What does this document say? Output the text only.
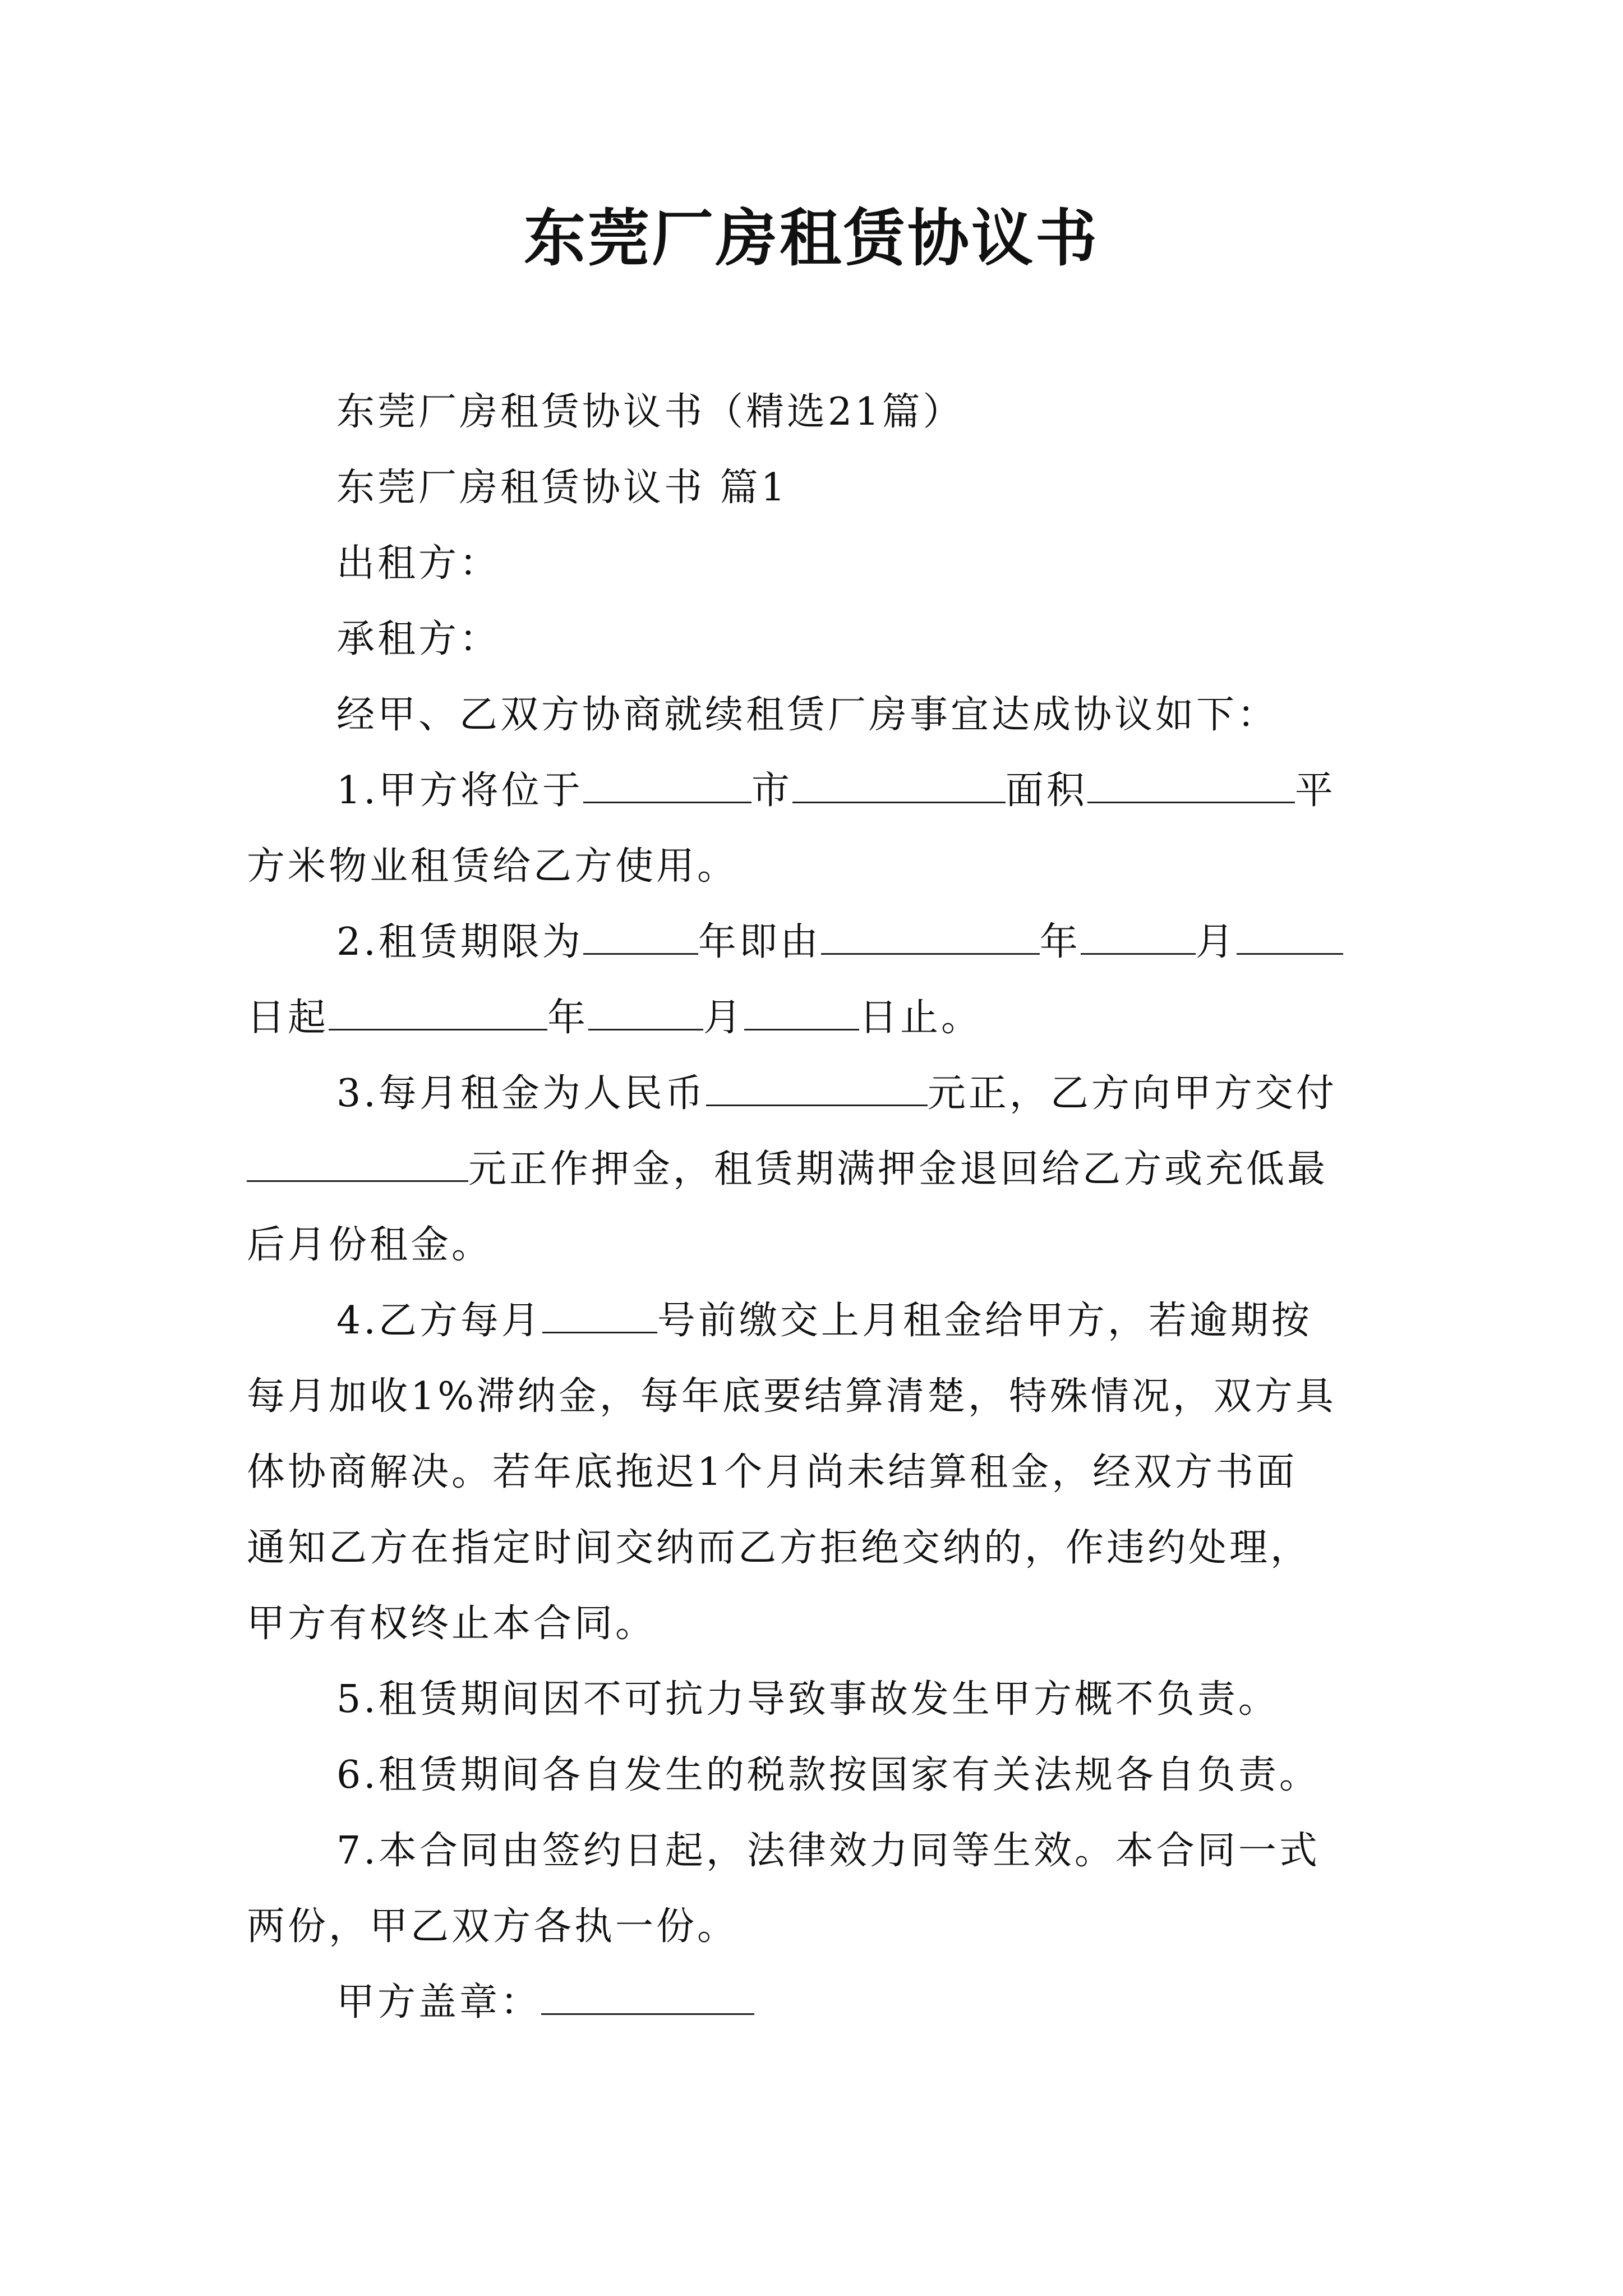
东莞厂房租赁协议书
东莞厂房租赁协议书（精选21篇）
东莞厂房租赁协议书 篇1
出租方：
承租方：
经甲、乙双方协商就续租赁厂房事宜达成协议如下：
1.甲方将位于	市	面积	平
方米物业租赁给乙方使用。
2.租赁期限为	年即由	年	月
日起	年	月	日止。
3.每月租金为人民币	元正，乙方向甲方交付
元正作押金，租赁期满押金退回给乙方或充低最
后月份租金。
4.乙方每月	号前缴交上月租金给甲方，若逾期按
每月加收1%滞纳金，每年底要结算清楚，特殊情况，双方具
体协商解决。若年底拖迟1个月尚未结算租金，经双方书面
通知乙方在指定时间交纳而乙方拒绝交纳的，作违约处理，
甲方有权终止本合同。
5.租赁期间因不可抗力导致事故发生甲方概不负责。
6.租赁期间各自发生的税款按国家有关法规各自负责。
7.本合同由签约日起，法律效力同等生效。本合同一式
两份，甲乙双方各执一份。
甲方盖章：
